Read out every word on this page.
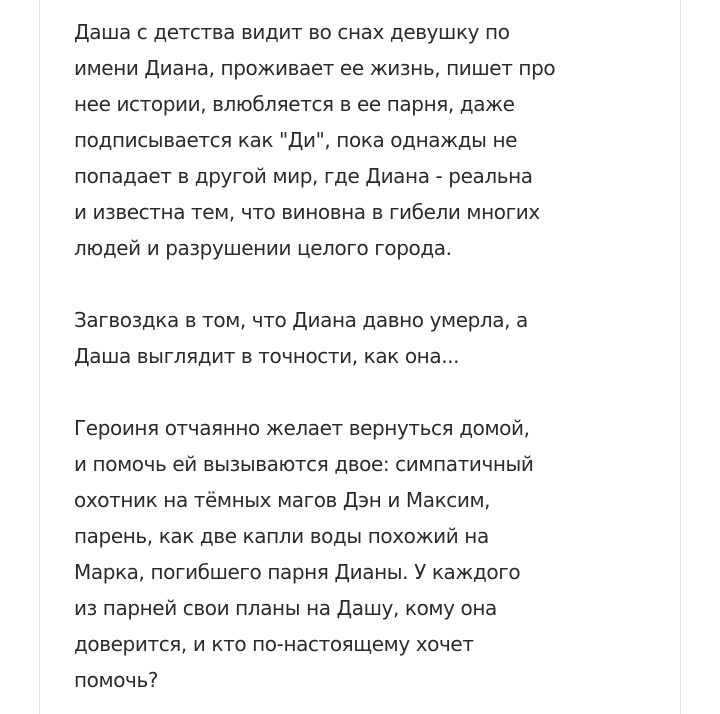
Даша с детства видит во снах девушку по
имени Диана, проживает ее жизнь, пишет про
нее истории, влюбляется в ее парня, даже
подписывается как "Ди", пока однажды не
попадает в другой мир, где Диана - реальна
и известна тем, что виновна в гибели многих
людей и разрушении целого города.
Загвоздка в том, что Диана давно умерла, а
Даша выглядит в точности, как она...
Героиня отчаянно желает вернуться домой,
и помочь ей вызываются двое: симпатичный
охотник на тёмных магов Дэн и Максим,
парень, как две капли воды похожий на
Марка, погибшего парня Дианы. У каждого
из парней свои планы на Дашу, кому она
доверится, и кто по-настоящему хочет
помочь?
